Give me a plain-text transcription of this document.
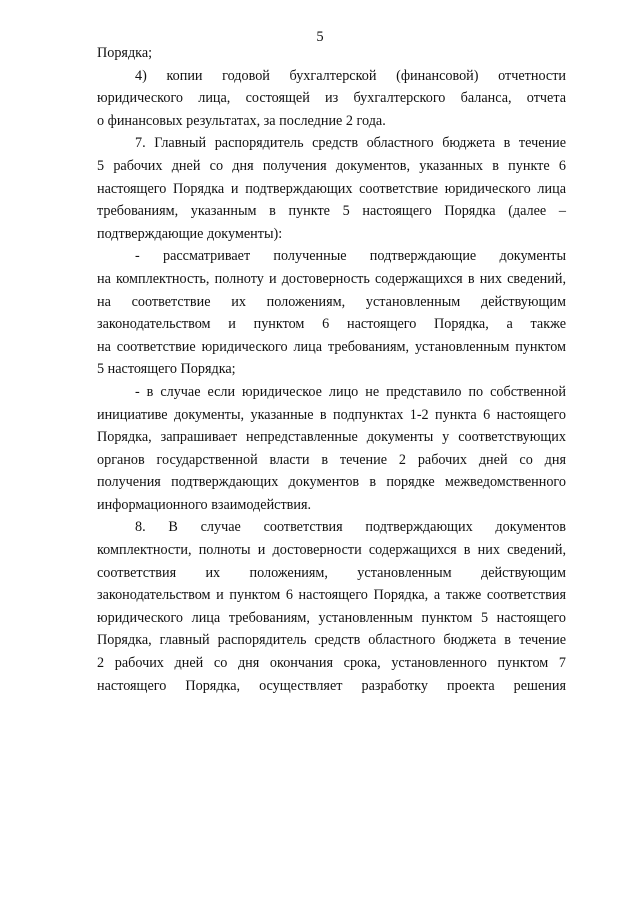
5
Порядка;
4) копии годовой бухгалтерской (финансовой) отчетности
юридического лица, состоящей из бухгалтерского баланса, отчета
о финансовых результатах, за последние 2 года.
7. Главный распорядитель средств областного бюджета в течение
5 рабочих дней со дня получения документов, указанных в пункте 6
настоящего Порядка и подтверждающих соответствие юридического лица
требованиям, указанным в пункте 5 настоящего Порядка (далее –
подтверждающие документы):
- рассматривает полученные подтверждающие документы
на комплектность, полноту и достоверность содержащихся в них сведений,
на соответствие их положениям, установленным действующим
законодательством и пунктом 6 настоящего Порядка, а также
на соответствие юридического лица требованиям, установленным пунктом
5 настоящего Порядка;
- в случае если юридическое лицо не представило по собственной
инициативе документы, указанные в подпунктах 1-2 пункта 6 настоящего
Порядка, запрашивает непредставленные документы у соответствующих
органов государственной власти в течение 2 рабочих дней со дня
получения подтверждающих документов в порядке межведомственного
информационного взаимодействия.
8. В случае соответствия подтверждающих документов
комплектности, полноты и достоверности содержащихся в них сведений,
соответствия их положениям, установленным действующим
законодательством и пунктом 6 настоящего Порядка, а также соответствия
юридического лица требованиям, установленным пунктом 5 настоящего
Порядка, главный распорядитель средств областного бюджета в течение
2 рабочих дней со дня окончания срока, установленного пунктом 7
настоящего Порядка, осуществляет разработку проекта решения
